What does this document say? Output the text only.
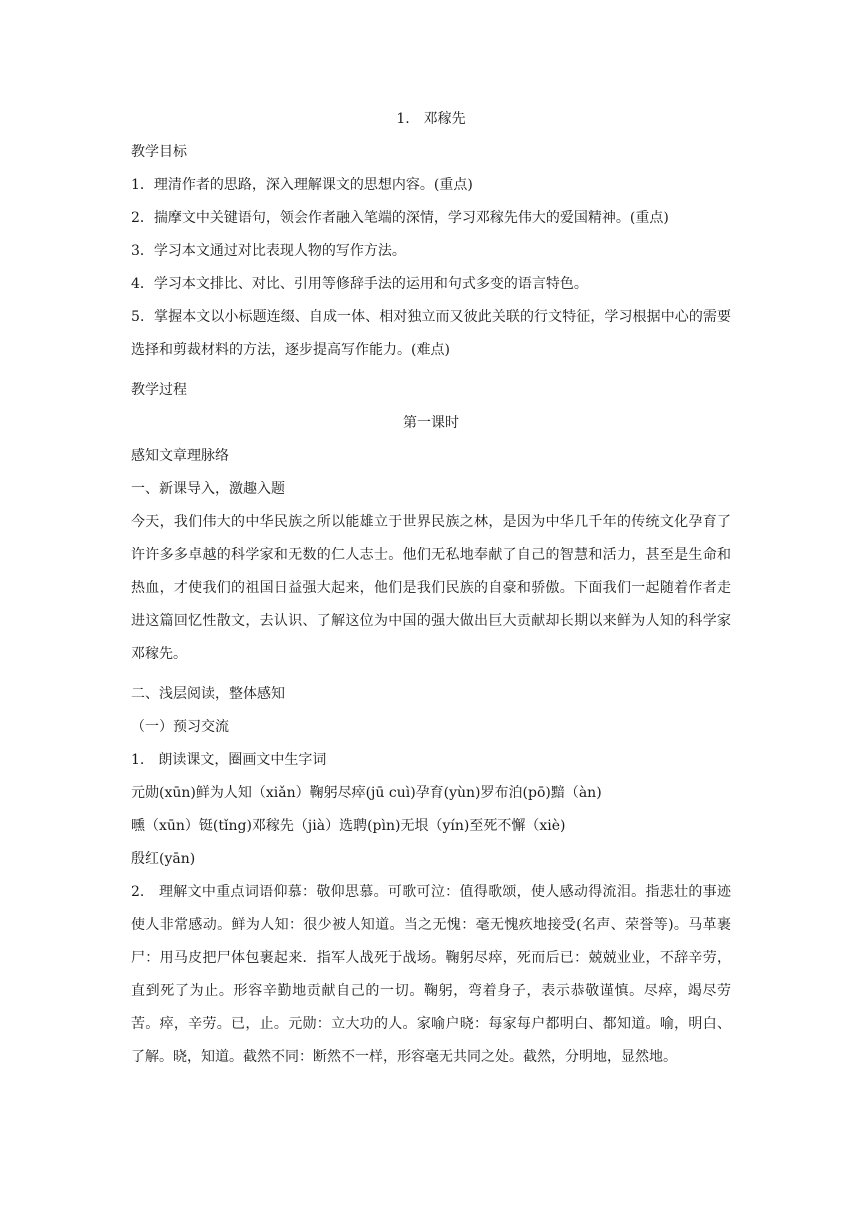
1.　邓稼先
教学目标
1．理清作者的思路，深入理解课文的思想内容。(重点)
2．揣摩文中关键语句，领会作者融入笔端的深情，学习邓稼先伟大的爱国精神。(重点)
3．学习本文通过对比表现人物的写作方法。
4．学习本文排比、对比、引用等修辞手法的运用和句式多变的语言特色。
5．掌握本文以小标题连缀、自成一体、相对独立而又彼此关联的行文特征，学习根据中心的需要选择和剪裁材料的方法，逐步提高写作能力。(难点)
教学过程
第一课时
感知文章理脉络
一、新课导入，激趣入题
今天，我们伟大的中华民族之所以能雄立于世界民族之林，是因为中华几千年的传统文化孕育了许许多多卓越的科学家和无数的仁人志士。他们无私地奉献了自己的智慧和活力，甚至是生命和热血，才使我们的祖国日益强大起来，他们是我们民族的自豪和骄傲。下面我们一起随着作者走进这篇回忆性散文，去认识、了解这位为中国的强大做出巨大贡献却长期以来鲜为人知的科学家邓稼先。
二、浅层阅读，整体感知
（一）预习交流
1.　朗读课文，圈画文中生字词
元勋(xūn)鲜为人知（xiǎn）鞠躬尽瘁(jū cuì)孕育(yùn)罗布泊(pō)黯（àn)
曛（xūn）铤(tǐng)邓稼先（jià）选聘(pìn)无垠（yín)至死不懈（xiè)
殷红(yān)
2.　理解文中重点词语仰慕：敬仰思慕。可歌可泣：值得歌颂，使人感动得流泪。指悲壮的事迹使人非常感动。鲜为人知：很少被人知道。当之无愧：毫无愧疚地接受(名声、荣誉等)。马革裹尸：用马皮把尸体包裹起来．指军人战死于战场。鞠躬尽瘁，死而后已：兢兢业业，不辞辛劳，直到死了为止。形容辛勤地贡献自己的一切。鞠躬，弯着身子，表示恭敬谨慎。尽瘁，竭尽劳苦。瘁，辛劳。已，止。元勋：立大功的人。家喻户晓：每家每户都明白、都知道。喻，明白、了解。晓，知道。截然不同：断然不一样，形容毫无共同之处。截然，分明地，显然地。
